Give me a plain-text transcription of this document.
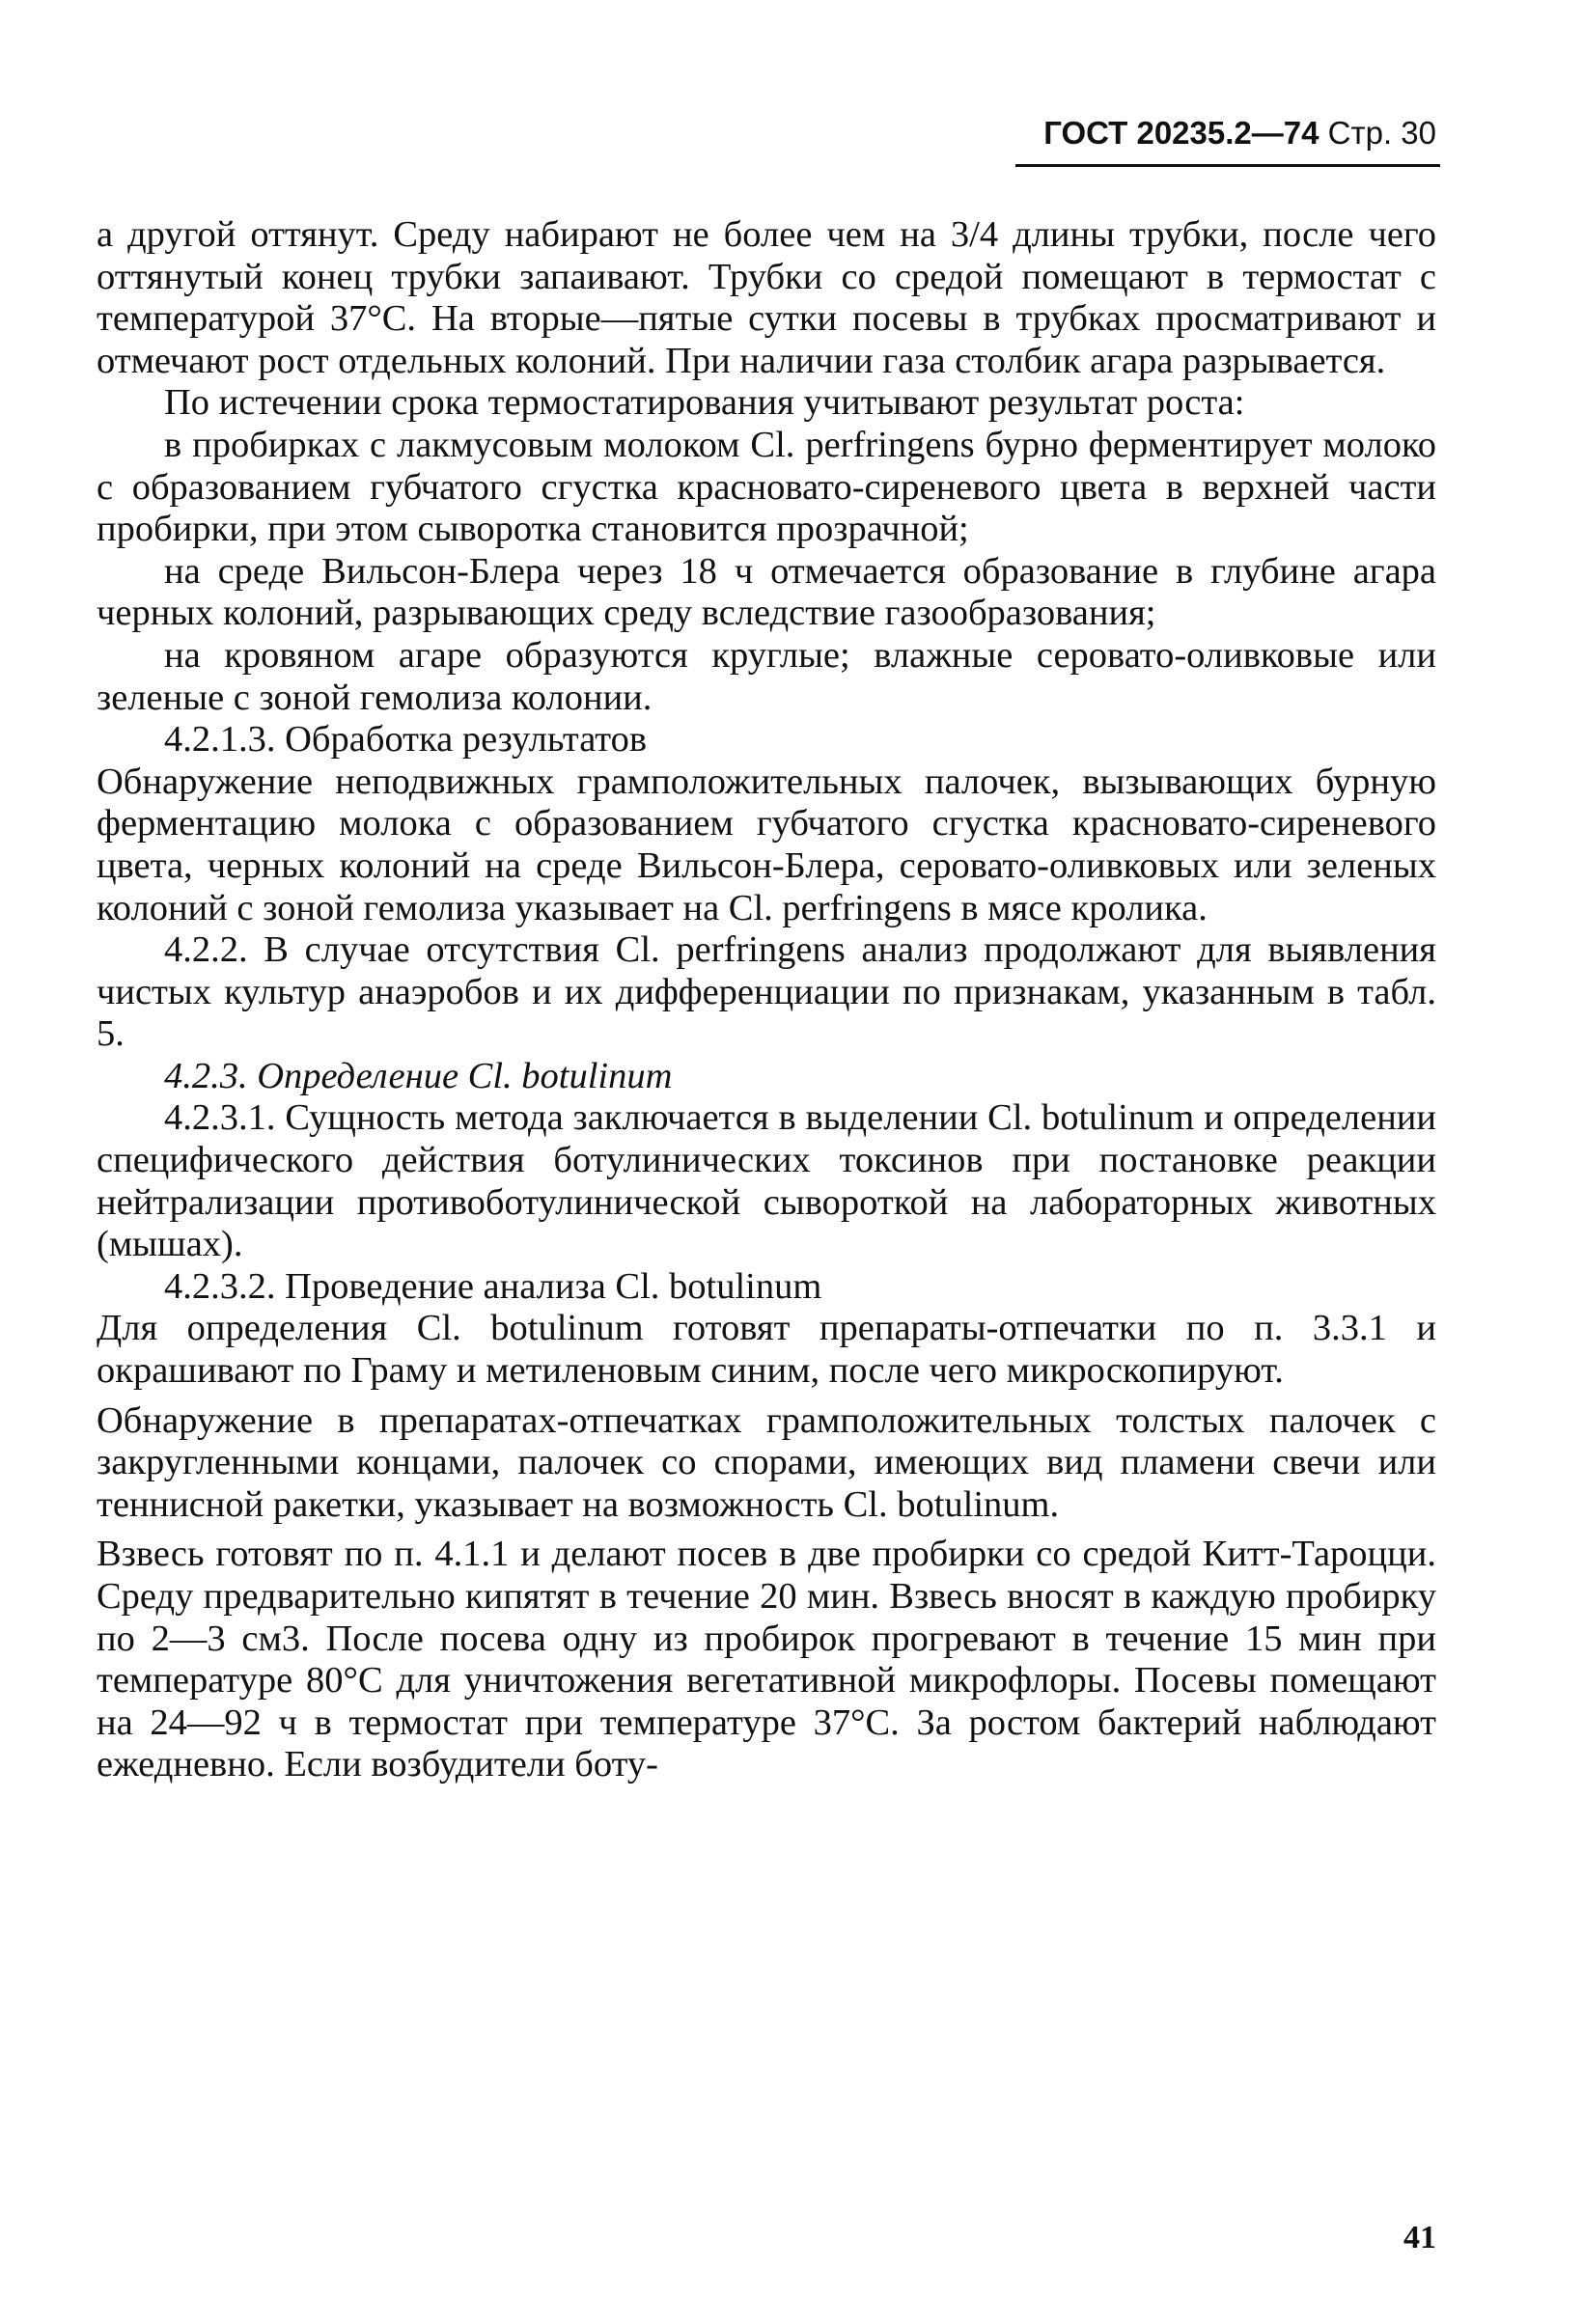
ГОСТ 20235.2—74 Стр. 30

а другой оттянут. Среду набирают не более чем на 3/4 длины трубки, после чего оттянутый конец трубки запаивают. Трубки со средой помещают в термостат с температурой 37°С. На вторые—пятые сутки посевы в трубках просматривают и отмечают рост отдельных колоний. При наличии газа столбик агара разрывается.

По истечении срока термостатирования учитывают результат роста:

в пробирках с лакмусовым молоком Cl. perfringens бурно ферментирует молоко с образованием губчатого сгустка красновато-сиреневого цвета в верхней части пробирки, при этом сыворотка становится прозрачной;

на среде Вильсон-Блера через 18 ч отмечается образование в глубине агара черных колоний, разрывающих среду вследствие газообразования;

на кровяном агаре образуются круглые; влажные серовато-оливковые или зеленые с зоной гемолиза колонии.

4.2.1.3. Обработка результатов

Обнаружение неподвижных грамположительных палочек, вызывающих бурную ферментацию молока с образованием губчатого сгустка красновато-сиреневого цвета, черных колоний на среде Вильсон-Блера, серовато-оливковых или зеленых колоний с зоной гемолиза указывает на Cl. perfringens в мясе кролика.

4.2.2. В случае отсутствия Cl. perfringens анализ продолжают для выявления чистых культур анаэробов и их дифференциации по признакам, указанным в табл. 5.

4.2.3. Определение Cl. botulinum

4.2.3.1. Сущность метода заключается в выделении Cl. botulinum и определении специфического действия ботулинических токсинов при постановке реакции нейтрализации противоботулинической сывороткой на лабораторных животных (мышах).

4.2.3.2. Проведение анализа Cl. botulinum

Для определения Cl. botulinum готовят препараты-отпечатки по п. 3.3.1 и окрашивают по Граму и метиленовым синим, после чего микроскопируют.

Обнаружение в препаратах-отпечатках грамположительных толстых палочек с закругленными концами, палочек со спорами, имеющих вид пламени свечи или теннисной ракетки, указывает на возможность Cl. botulinum.

Взвесь готовят по п. 4.1.1 и делают посев в две пробирки со средой Китт-Тароцци. Среду предварительно кипятят в течение 20 мин. Взвесь вносят в каждую пробирку по 2—3 см3. После посева одну из пробирок прогревают в течение 15 мин при температуре 80°С для уничтожения вегетативной микрофлоры. Посевы помещают на 24—92 ч в термостат при температуре 37°С. За ростом бактерий наблюдают ежедневно. Если возбудители боту-

41
